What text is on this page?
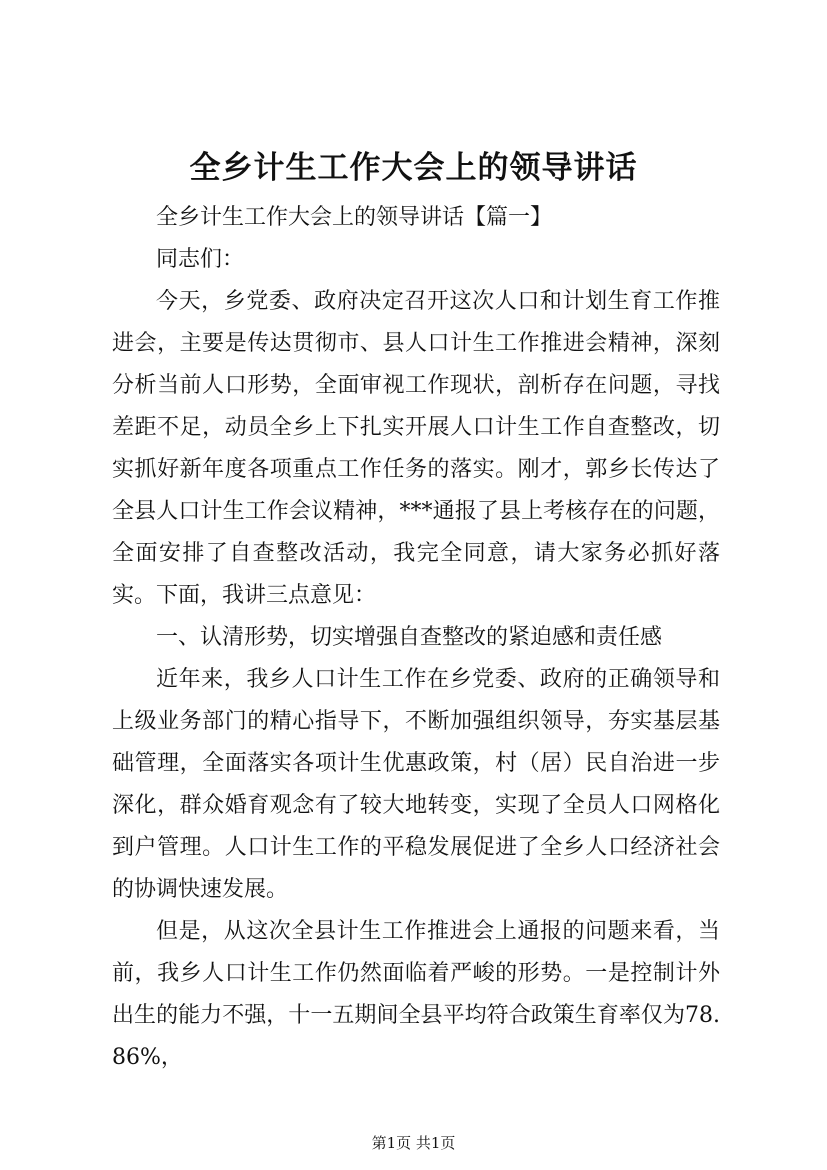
全乡计生工作大会上的领导讲话

全乡计生工作大会上的领导讲话【篇一】

同志们：

今天，乡党委、政府决定召开这次人口和计划生育工作推进会，主要是传达贯彻市、县人口计生工作推进会精神，深刻分析当前人口形势，全面审视工作现状，剖析存在问题，寻找差距不足，动员全乡上下扎实开展人口计生工作自查整改，切实抓好新年度各项重点工作任务的落实。刚才，郭乡长传达了全县人口计生工作会议精神，***通报了县上考核存在的问题，全面安排了自查整改活动，我完全同意，请大家务必抓好落实。下面，我讲三点意见：

一、认清形势，切实增强自查整改的紧迫感和责任感

近年来，我乡人口计生工作在乡党委、政府的正确领导和上级业务部门的精心指导下，不断加强组织领导，夯实基层基础管理，全面落实各项计生优惠政策，村（居）民自治进一步深化，群众婚育观念有了较大地转变，实现了全员人口网格化到户管理。人口计生工作的平稳发展促进了全乡人口经济社会的协调快速发展。

但是，从这次全县计生工作推进会上通报的问题来看，当前，我乡人口计生工作仍然面临着严峻的形势。一是控制计外出生的能力不强，十一五期间全县平均符合政策生育率仅为78.86%，

第1页 共1页
